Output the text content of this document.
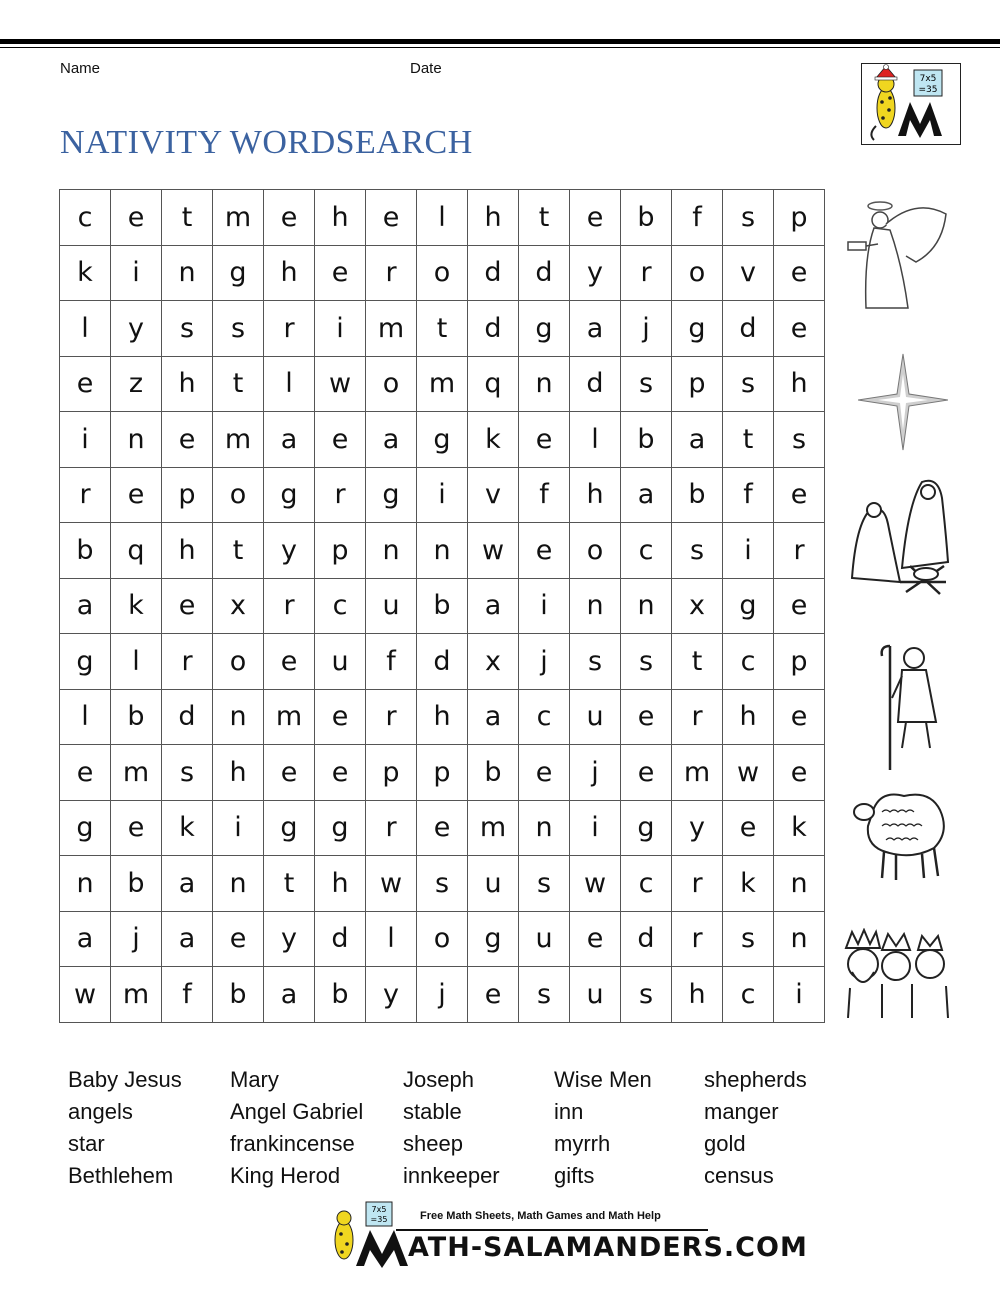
Name	Date
7x5
=35
NATIVITY WORDSEARCH
c	e	t	m	e	h	e	l	h	t	e	b	f	s	p
k	i	n	g	h	e	r	o	d	d	y	r	o	v	e
l	y	s	s	r	i	m	t	d	g	a	j	g	d	e
e	z	h	t	l	w	o	m	q	n	d	s	p	s	h
i	n	e	m	a	e	a	g	k	e	l	b	a	t	s
r	e	p	o	g	r	g	i	v	f	h	a	b	f	e
b	q	h	t	y	p	n	n	w	e	o	c	s	i	r
a	k	e	x	r	c	u	b	a	i	n	n	x	g	e
g	l	r	o	e	u	f	d	x	j	s	s	t	c	p
l	b	d	n	m	e	r	h	a	c	u	e	r	h	e
e	m	s	h	e	e	p	p	b	e	j	e	m	w	e
g	e	k	i	g	g	r	e	m	n	i	g	y	e	k
n	b	a	n	t	h	w	s	u	s	w	c	r	k	n
a	j	a	e	y	d	l	o	g	u	e	d	r	s	n
w	m	f	b	a	b	y	j	e	s	u	s	h	c	i
Baby Jesus
angels
star
Bethlehem
Mary
Angel Gabriel
frankincense
King Herod
Joseph
stable
sheep
innkeeper
Wise Men
inn
myrrh
gifts
shepherds
manger
gold
census
7x5
=35	Free Math Sheets, Math Games and Math Help
ATH-SALAMANDERS.COM
